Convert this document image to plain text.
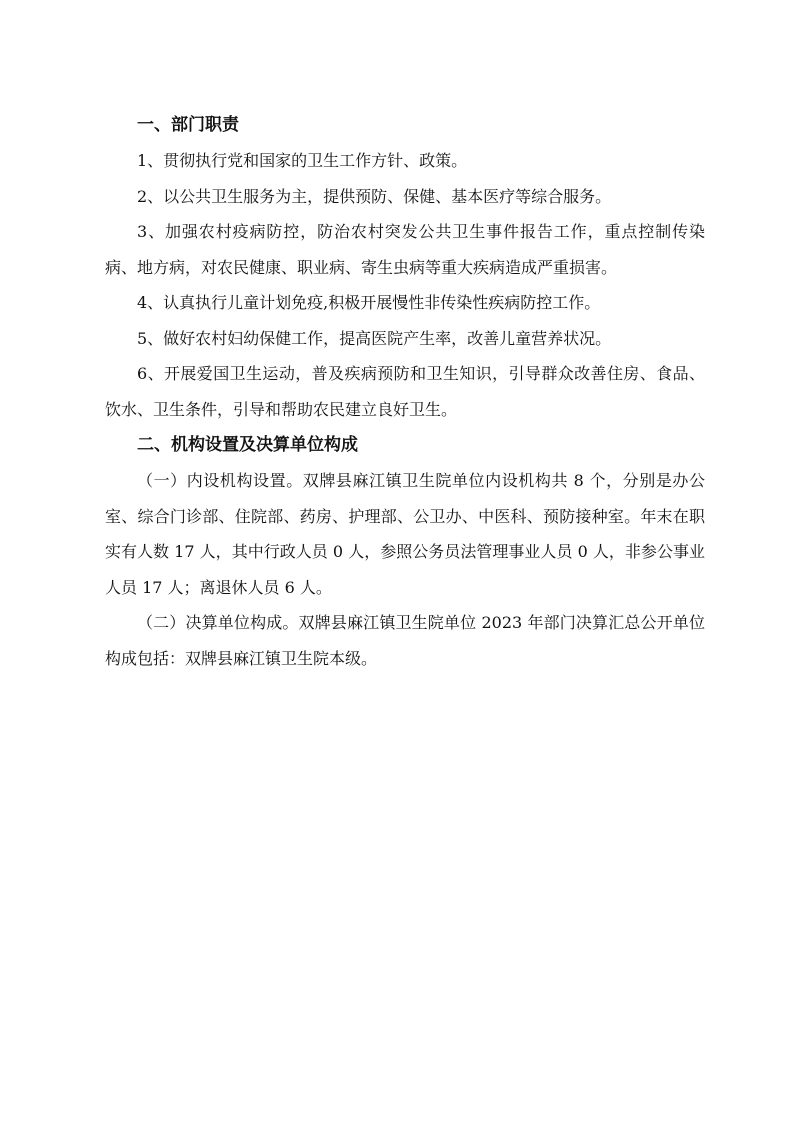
一、部门职责

1、贯彻执行党和国家的卫生工作方针、政策。

2、以公共卫生服务为主，提供预防、保健、基本医疗等综合服务。

3、加强农村疫病防控，防治农村突发公共卫生事件报告工作，重点控制传染病、地方病，对农民健康、职业病、寄生虫病等重大疾病造成严重损害。

4、认真执行儿童计划免疫,积极开展慢性非传染性疾病防控工作。

5、做好农村妇幼保健工作，提高医院产生率，改善儿童营养状况。

6、开展爱国卫生运动，普及疾病预防和卫生知识，引导群众改善住房、食品、饮水、卫生条件，引导和帮助农民建立良好卫生。

二、机构设置及决算单位构成

（一）内设机构设置。双牌县麻江镇卫生院单位内设机构共 8 个，分别是办公室、综合门诊部、住院部、药房、护理部、公卫办、中医科、预防接种室。年末在职实有人数 17 人，其中行政人员 0 人，参照公务员法管理事业人员 0 人，非参公事业人员 17 人；离退休人员 6 人。

（二）决算单位构成。双牌县麻江镇卫生院单位 2023 年部门决算汇总公开单位构成包括：双牌县麻江镇卫生院本级。
